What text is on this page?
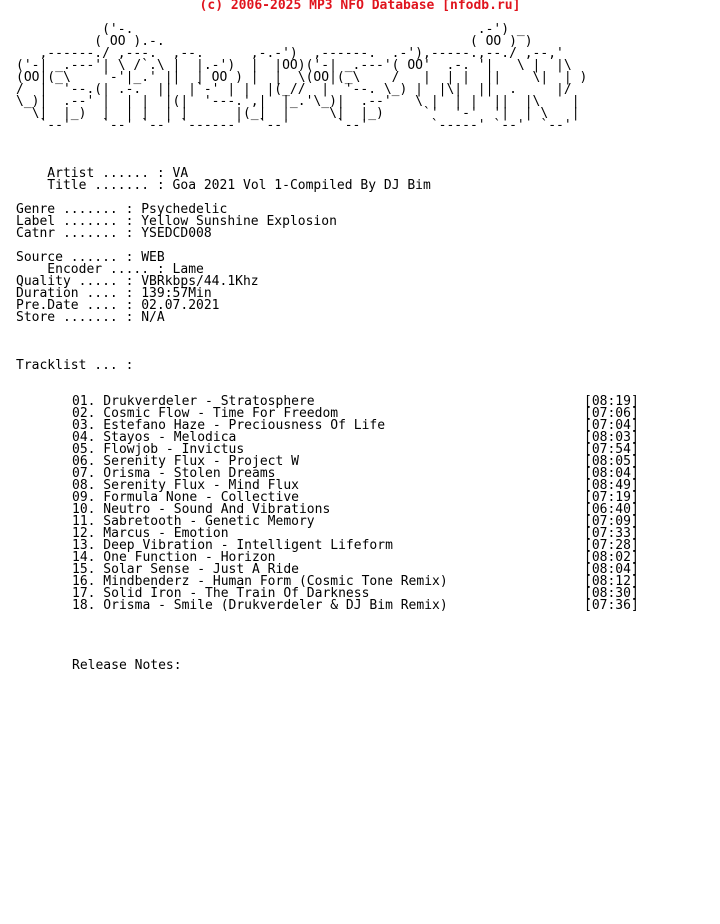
(c) 2006-2025 MP3 NFO Database [nfodb.ru]
('-.                                            .-') _
( OO ).-.                                       ( OO ) )
,------./ ,---.  ,--.      ,-.-')  ,------.  .-'),-----.,--./ ,--,'
('-| _.---'| \ /`.\ |  |.-')  |  |OO)('-| _.---'( OO'  .-. '|   \ |  |\
(OO|(_\    '-'|_.' ||  | OO ) |  |  \(OO|(_\    /   |  | |  ||    \|  | )
/  |  '--.(| .-.  ||  |`-' | |  |(_//  |  '--. \_) |  |\|  ||  .     |/
\_)|  .--' |  | |  |(|  '---.',|  |_.'\_)|  .--'   \ |  | |  ||  |\    |
\|  |_)  |  | |  | |      |(_|  |     \|  |_)     `'  '-'  '|  | \   |
`--'    `--' `--' `------'  `--'      `--'        `-----' `--'  `--'
Artist ...... : VA
Title ....... : Goa 2021 Vol 1-Compiled By DJ Bim
Genre ....... : Psychedelic
Label ....... : Yellow Sunshine Explosion
Catnr ....... : YSEDCD008
Source ...... : WEB
Encoder ..... : Lame
Quality ..... : VBRkbps/44.1Khz
Duration .... : 139:57Min
Pre.Date .... : 02.07.2021
Store ....... : N/A
Tracklist ... :
01. Drukverdeler - Stratosphere	[08:19]
02. Cosmic Flow - Time For Freedom	[07:06]
03. Estefano Haze - Preciousness Of Life	[07:04]
04. Stayos - Melodica	[08:03]
05. Flowjob - Invictus	[07:54]
06. Serenity Flux - Project W	[08:05]
07. Orisma - Stolen Dreams	[08:04]
08. Serenity Flux - Mind Flux	[08:49]
09. Formula None - Collective	[07:19]
10. Neutro - Sound And Vibrations	[06:40]
11. Sabretooth - Genetic Memory	[07:09]
12. Marcus - Emotion	[07:33]
13. Deep Vibration - Intelligent Lifeform	[07:28]
14. One Function - Horizon	[08:02]
15. Solar Sense - Just A Ride	[08:04]
16. Mindbenderz - Human Form (Cosmic Tone Remix)	[08:12]
17. Solid Iron - The Train Of Darkness	[08:30]
18. Orisma - Smile (Drukverdeler & DJ Bim Remix)	[07:36]
Release Notes:
